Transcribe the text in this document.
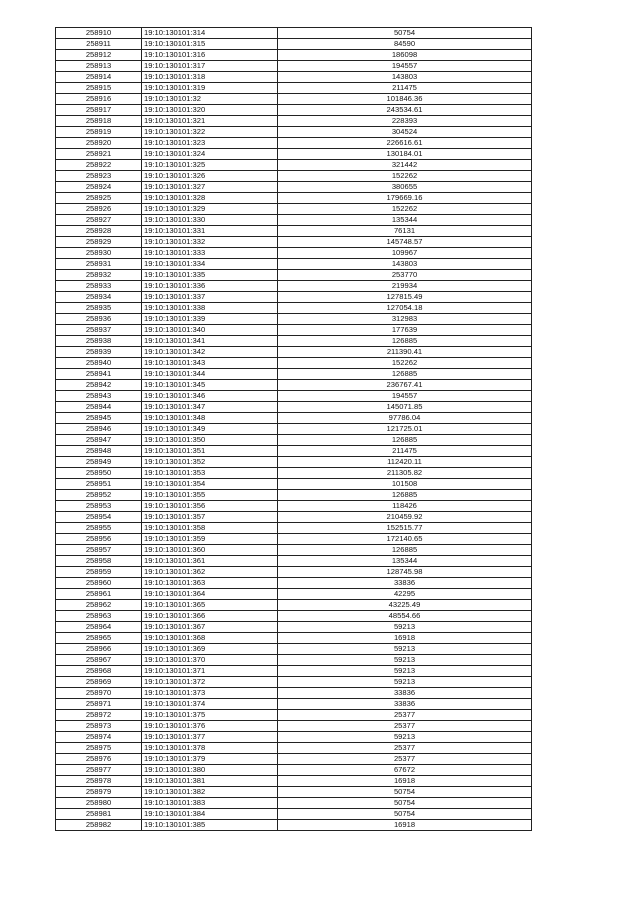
258910	19:10:130101:314	50754
258911	19:10:130101:315	84590
258912	19:10:130101:316	186098
258913	19:10:130101:317	194557
258914	19:10:130101:318	143803
258915	19:10:130101:319	211475
258916	19:10:130101:32	101846.36
258917	19:10:130101:320	243534.61
258918	19:10:130101:321	228393
258919	19:10:130101:322	304524
258920	19:10:130101:323	226616.61
258921	19:10:130101:324	130184.01
258922	19:10:130101:325	321442
258923	19:10:130101:326	152262
258924	19:10:130101:327	380655
258925	19:10:130101:328	179669.16
258926	19:10:130101:329	152262
258927	19:10:130101:330	135344
258928	19:10:130101:331	76131
258929	19:10:130101:332	145748.57
258930	19:10:130101:333	109967
258931	19:10:130101:334	143803
258932	19:10:130101:335	253770
258933	19:10:130101:336	219934
258934	19:10:130101:337	127815.49
258935	19:10:130101:338	127054.18
258936	19:10:130101:339	312983
258937	19:10:130101:340	177639
258938	19:10:130101:341	126885
258939	19:10:130101:342	211390.41
258940	19:10:130101:343	152262
258941	19:10:130101:344	126885
258942	19:10:130101:345	236767.41
258943	19:10:130101:346	194557
258944	19:10:130101:347	145071.85
258945	19:10:130101:348	97786.04
258946	19:10:130101:349	121725.01
258947	19:10:130101:350	126885
258948	19:10:130101:351	211475
258949	19:10:130101:352	112420.11
258950	19:10:130101:353	211305.82
258951	19:10:130101:354	101508
258952	19:10:130101:355	126885
258953	19:10:130101:356	118426
258954	19:10:130101:357	210459.92
258955	19:10:130101:358	152515.77
258956	19:10:130101:359	172140.65
258957	19:10:130101:360	126885
258958	19:10:130101:361	135344
258959	19:10:130101:362	128745.98
258960	19:10:130101:363	33836
258961	19:10:130101:364	42295
258962	19:10:130101:365	43225.49
258963	19:10:130101:366	48554.66
258964	19:10:130101:367	59213
258965	19:10:130101:368	16918
258966	19:10:130101:369	59213
258967	19:10:130101:370	59213
258968	19:10:130101:371	59213
258969	19:10:130101:372	59213
258970	19:10:130101:373	33836
258971	19:10:130101:374	33836
258972	19:10:130101:375	25377
258973	19:10:130101:376	25377
258974	19:10:130101:377	59213
258975	19:10:130101:378	25377
258976	19:10:130101:379	25377
258977	19:10:130101:380	67672
258978	19:10:130101:381	16918
258979	19:10:130101:382	50754
258980	19:10:130101:383	50754
258981	19:10:130101:384	50754
258982	19:10:130101:385	16918
